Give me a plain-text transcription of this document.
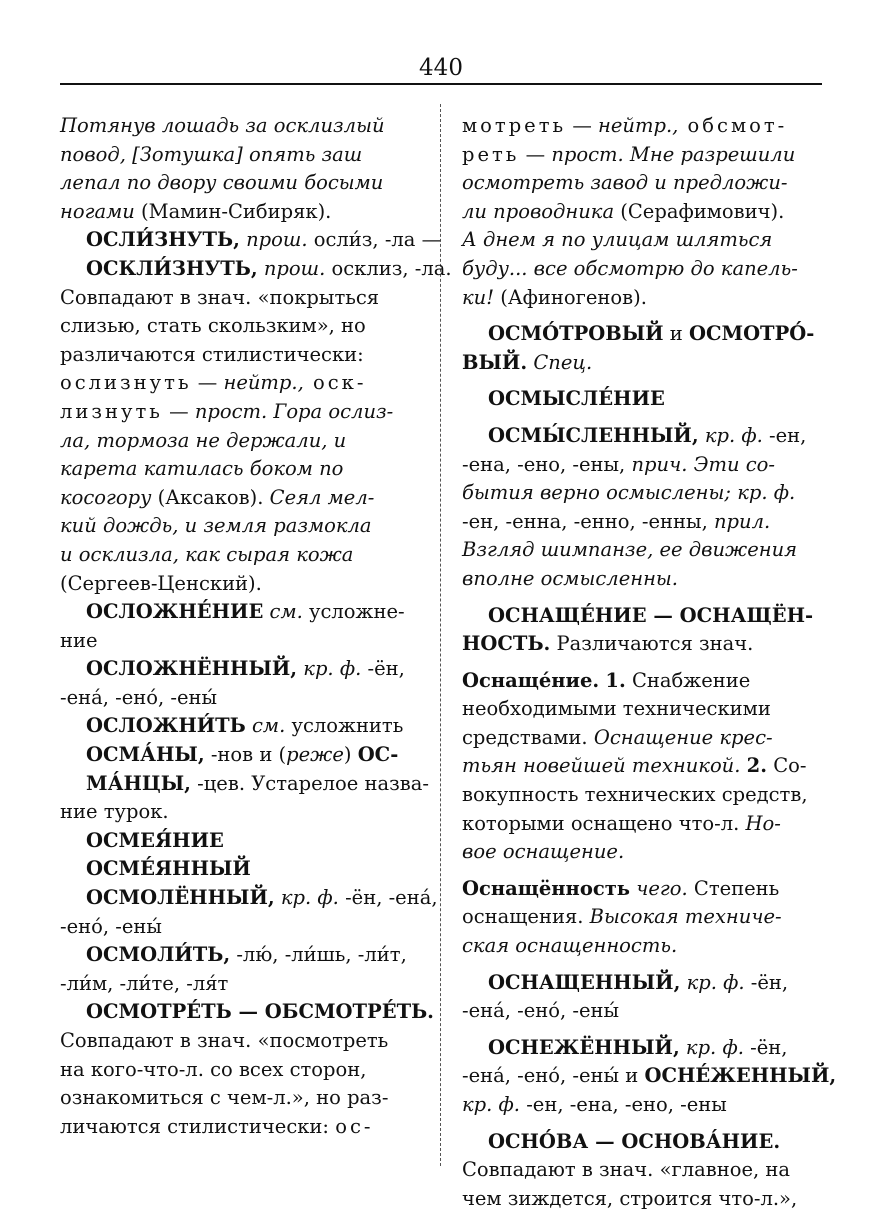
440
Потянув лошадь за осклизлый
повод, [Зотушка] опять заш
лепал по двору своими босыми
ногами (Мамин-Сибиряк).
ОСЛИ́ЗНУТЬ, прош. осли́з, -ла —
ОСКЛИ́ЗНУТЬ, прош. осклиз, -ла.
Совпадают в знач. «покрыться
слизью, стать скользким», но
различаются стилистически:
ослизнуть — нейтр., оск-
лизнуть — прост. Гора ослиз-
ла, тормоза не держали, и
карета катилась боком по
косогору (Аксаков). Сеял мел-
кий дождь, и земля размокла
и осклизла, как сырая кожа
(Сергеев-Ценский).
ОСЛОЖНЕ́НИЕ см. усложне-
ние
ОСЛОЖНЁННЫЙ, кр. ф. -ён,
-ена́, -ено́, -ены́
ОСЛОЖНИ́ТЬ см. усложнить
ОСМА́НЫ, -нов и (реже) ОС-
МА́НЦЫ, -цев. Устарелое назва-
ние турок.
ОСМЕЯ́НИЕ
ОСМЕ́ЯННЫЙ
ОСМОЛЁННЫЙ, кр. ф. -ён, -ена́,
-ено́, -ены́
ОСМОЛИ́ТЬ, -лю́, -ли́шь, -ли́т,
-ли́м, -ли́те, -ля́т
ОСМОТРЕ́ТЬ — ОБСМОТРЕ́ТЬ.
Совпадают в знач. «посмотреть
на кого-что-л. со всех сторон,
ознакомиться с чем-л.», но раз-
личаются стилистически: ос-
мотреть — нейтр., обсмот-
реть — прост. Мне разрешили
осмотреть завод и предложи-
ли проводника (Серафимович).
А днем я по улицам шляться
буду... все обсмотрю до капель-
ки! (Афиногенов).
ОСМО́ТРОВЫЙ и ОСМОТРО́-
ВЫЙ. Спец.
ОСМЫСЛЕ́НИЕ
ОСМЫ́СЛЕННЫЙ, кр. ф. -ен,
-ена, -ено, -ены, прич. Эти со-
бытия верно осмыслены; кр. ф.
-ен, -енна, -енно, -енны, прил.
Взгляд шимпанзе, ее движения
вполне осмысленны.
ОСНАЩЕ́НИЕ — ОСНАЩЁН-
НОСТЬ. Различаются знач.
Оснаще́ние. 1. Снабжение
необходимыми техническими
средствами. Оснащение крес-
тьян новейшей техникой. 2. Со-
вокупность технических средств,
которыми оснащено что-л. Но-
вое оснащение.
Оснащённость чего. Степень
оснащения. Высокая техниче-
ская оснащенность.
ОСНАЩЕННЫЙ, кр. ф. -ён,
-ена́, -ено́, -ены́
ОСНЕЖЁННЫЙ, кр. ф. -ён,
-ена́, -ено́, -ены́ и ОСНЕ́ЖЕННЫЙ,
кр. ф. -ен, -ена, -ено, -ены
ОСНО́ВА — ОСНОВА́НИЕ.
Совпадают в знач. «главное, на
чем зиждется, строится что-л.»,
